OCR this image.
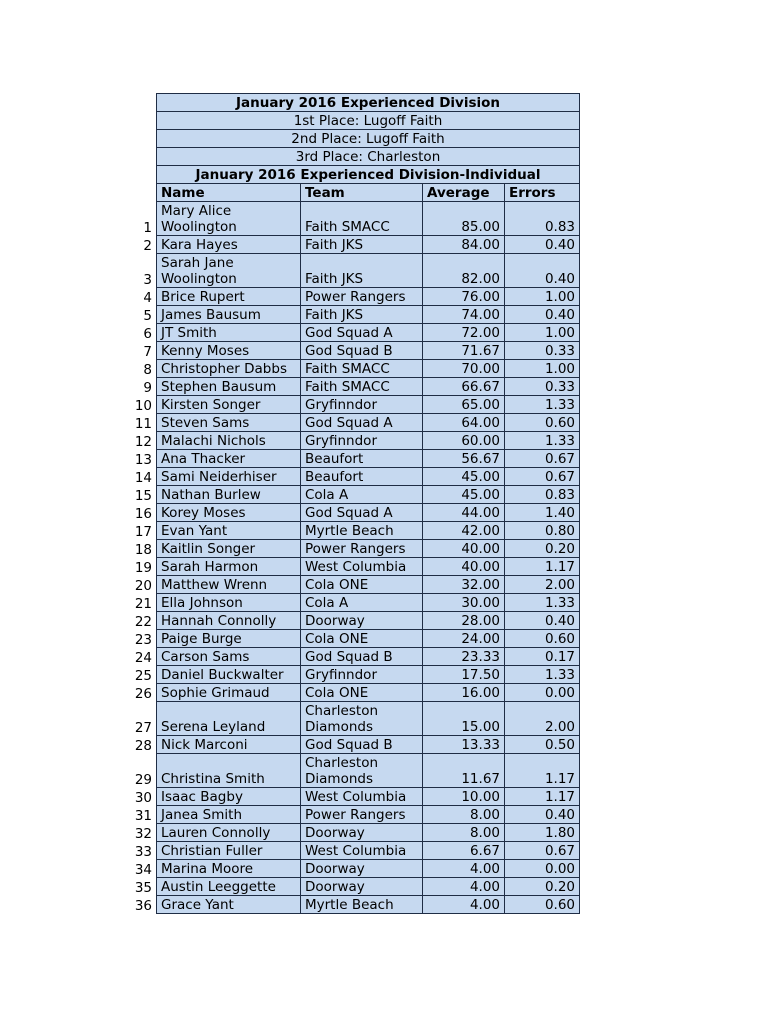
	January 2016 Experienced Division			
	1st Place: Lugoff Faith			
	2nd Place: Lugoff Faith			
	3rd Place: Charleston			
	January 2016 Experienced Division-Individual			
	Name	Team	Average	Errors
1	Mary Alice Woolington	Faith SMACC	85.00	0.83
2	Kara Hayes	Faith JKS	84.00	0.40
3	Sarah Jane Woolington	Faith JKS	82.00	0.40
4	Brice Rupert	Power Rangers	76.00	1.00
5	James Bausum	Faith JKS	74.00	0.40
6	JT Smith	God Squad A	72.00	1.00
7	Kenny Moses	God Squad B	71.67	0.33
8	Christopher Dabbs	Faith SMACC	70.00	1.00
9	Stephen Bausum	Faith SMACC	66.67	0.33
10	Kirsten Songer	Gryfinndor	65.00	1.33
11	Steven Sams	God Squad A	64.00	0.60
12	Malachi Nichols	Gryfinndor	60.00	1.33
13	Ana Thacker	Beaufort	56.67	0.67
14	Sami Neiderhiser	Beaufort	45.00	0.67
15	Nathan Burlew	Cola A	45.00	0.83
16	Korey Moses	God Squad A	44.00	1.40
17	Evan Yant	Myrtle Beach	42.00	0.80
18	Kaitlin Songer	Power Rangers	40.00	0.20
19	Sarah Harmon	West Columbia	40.00	1.17
20	Matthew Wrenn	Cola ONE	32.00	2.00
21	Ella Johnson	Cola A	30.00	1.33
22	Hannah Connolly	Doorway	28.00	0.40
23	Paige Burge	Cola ONE	24.00	0.60
24	Carson Sams	God Squad B	23.33	0.17
25	Daniel Buckwalter	Gryfinndor	17.50	1.33
26	Sophie Grimaud	Cola ONE	16.00	0.00
27	Serena Leyland	Charleston Diamonds	15.00	2.00
28	Nick Marconi	God Squad B	13.33	0.50
29	Christina Smith	Charleston Diamonds	11.67	1.17
30	Isaac Bagby	West Columbia	10.00	1.17
31	Janea Smith	Power Rangers	8.00	0.40
32	Lauren Connolly	Doorway	8.00	1.80
33	Christian Fuller	West Columbia	6.67	0.67
34	Marina Moore	Doorway	4.00	0.00
35	Austin Leeggette	Doorway	4.00	0.20
36	Grace Yant	Myrtle Beach	4.00	0.60
